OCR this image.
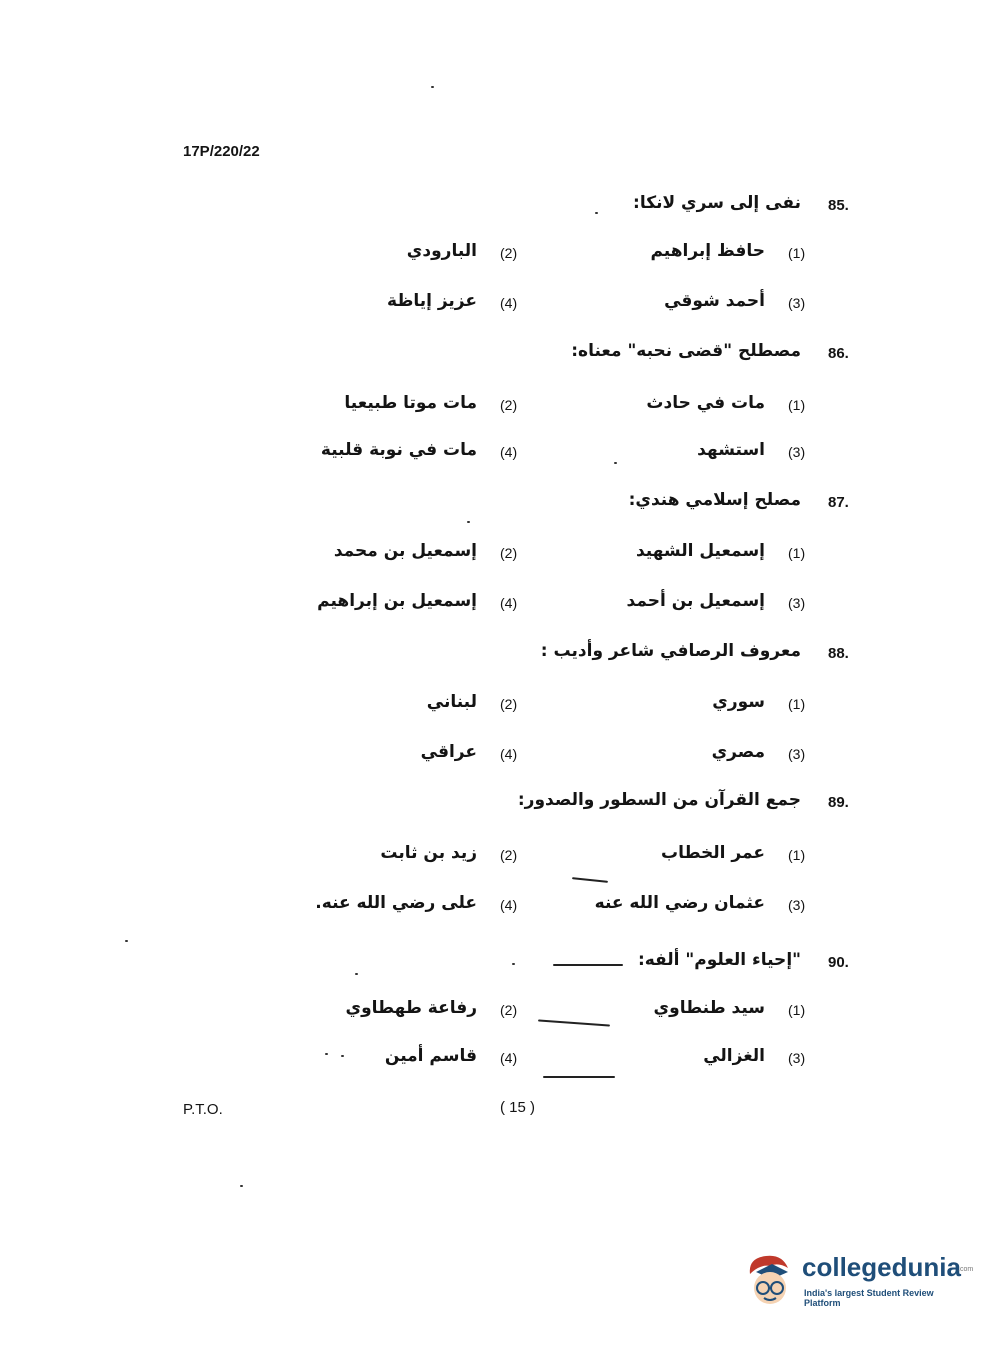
17P/220/22
85.
نفى إلى سري لانكا:
(1)
حافظ إبراهيم
(2)
البارودي
(3)
أحمد شوقي
(4)
عزيز إياظة
86.
مصطلح "قضى نحبه" معناه:
(1)
مات في حادث
(2)
مات موتا طبيعيا
(3)
استشهد
(4)
مات في نوبة قلبية
87.
مصلح إسلامي هندي:
(1)
إسمعيل الشهيد
(2)
إسمعيل بن محمد
(3)
إسمعيل بن أحمد
(4)
إسمعيل بن إبراهيم
88.
معروف الرصافي شاعر وأديب :
(1)
سوري
(2)
لبناني
(3)
مصري
(4)
عراقي
89.
جمع القرآن من السطور والصدور:
(1)
عمر الخطاب
(2)
زيد بن ثابت
(3)
عثمان رضي الله عنه
(4)
على رضي الله عنه.
90.
"إحياء العلوم" ألفه:
(1)
سيد طنطاوي
(2)
رفاعة طهطاوي
(3)
الغزالي
(4)
قاسم أمين
P.T.O.	( 15 )
collegedunia
.com
India's largest Student Review Platform
